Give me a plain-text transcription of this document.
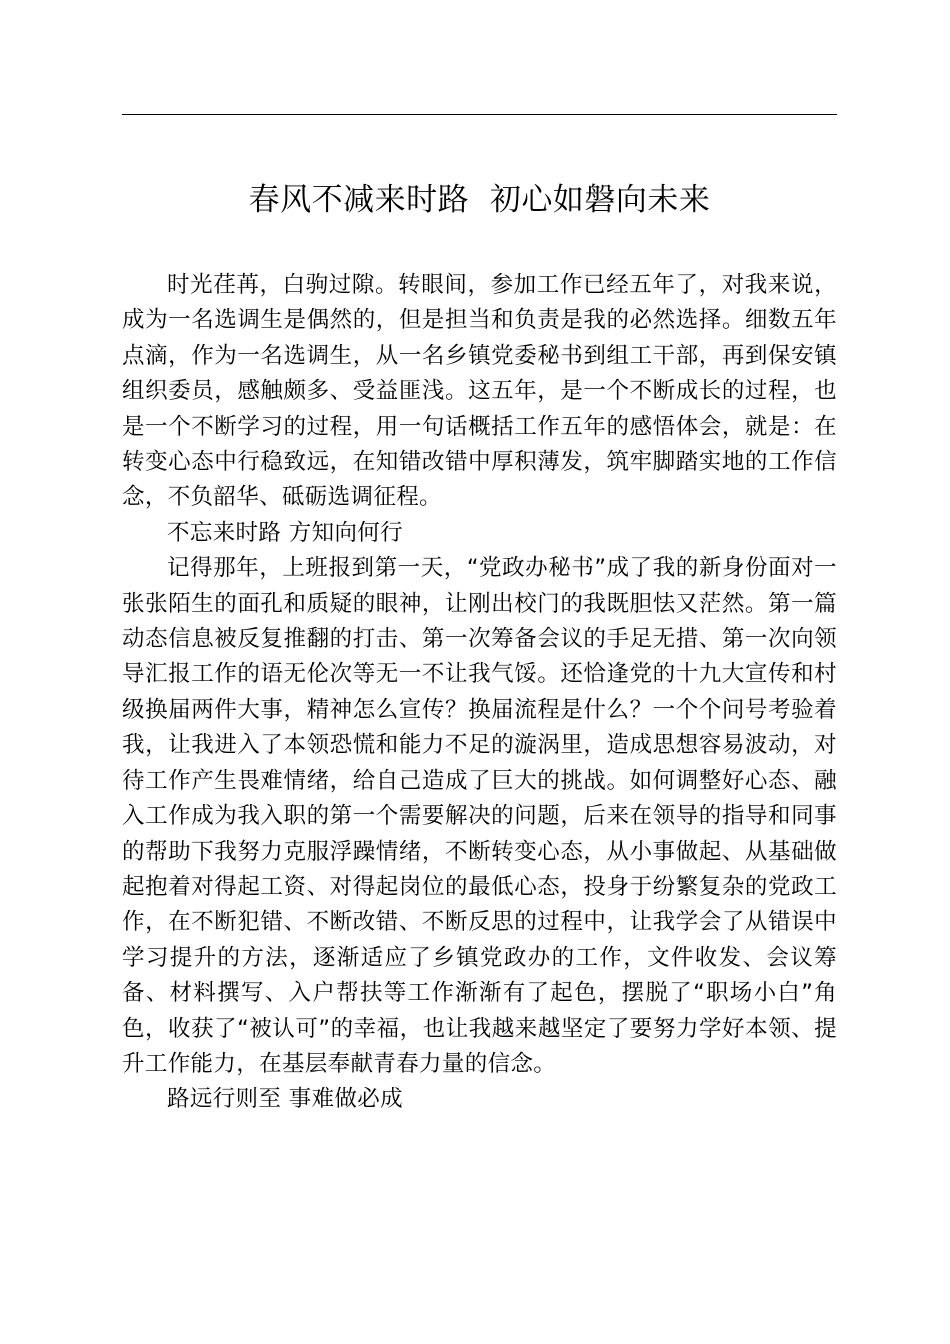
春风不减来时路  初心如磐向未来

时光荏苒，白驹过隙。转眼间，参加工作已经五年了，对我来说，成为一名选调生是偶然的，但是担当和负责是我的必然选择。细数五年点滴，作为一名选调生，从一名乡镇党委秘书到组工干部，再到保安镇组织委员，感触颇多、受益匪浅。这五年，是一个不断成长的过程，也是一个不断学习的过程，用一句话概括工作五年的感悟体会，就是：在转变心态中行稳致远，在知错改错中厚积薄发，筑牢脚踏实地的工作信念，不负韶华、砥砺选调征程。

不忘来时路 方知向何行

记得那年，上班报到第一天，“党政办秘书”成了我的新身份面对一张张陌生的面孔和质疑的眼神，让刚出校门的我既胆怯又茫然。第一篇动态信息被反复推翻的打击、第一次筹备会议的手足无措、第一次向领导汇报工作的语无伦次等无一不让我气馁。还恰逢党的十九大宣传和村级换届两件大事，精神怎么宣传？换届流程是什么？一个个问号考验着我，让我进入了本领恐慌和能力不足的漩涡里，造成思想容易波动，对待工作产生畏难情绪，给自己造成了巨大的挑战。如何调整好心态、融入工作成为我入职的第一个需要解决的问题，后来在领导的指导和同事的帮助下我努力克服浮躁情绪，不断转变心态，从小事做起、从基础做起抱着对得起工资、对得起岗位的最低心态，投身于纷繁复杂的党政工作，在不断犯错、不断改错、不断反思的过程中，让我学会了从错误中学习提升的方法，逐渐适应了乡镇党政办的工作，文件收发、会议筹备、材料撰写、入户帮扶等工作渐渐有了起色，摆脱了“职场小白”角色，收获了“被认可”的幸福，也让我越来越坚定了要努力学好本领、提升工作能力，在基层奉献青春力量的信念。

路远行则至 事难做必成
